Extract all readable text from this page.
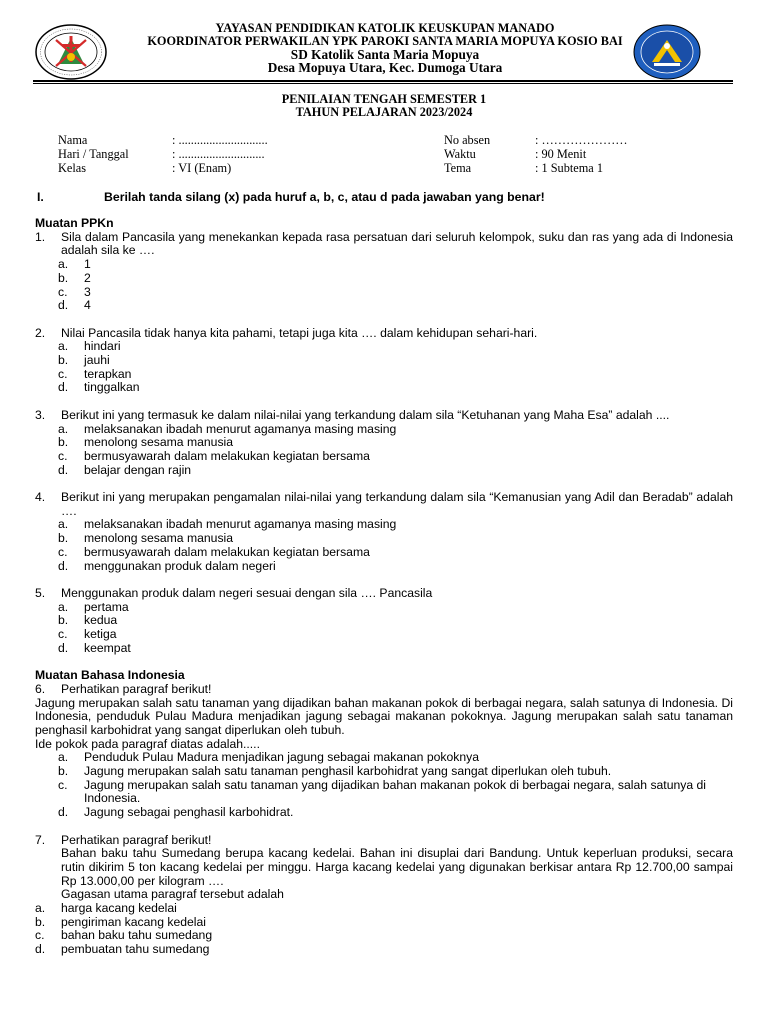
YAYASAN PENDIDIKAN KATOLIK KEUSKUPAN MANADO
KOORDINATOR PERWAKILAN YPK PAROKI SANTA MARIA MOPUYA KOSIO BAI
SD Katolik Santa Maria Mopuya
Desa Mopuya Utara, Kec. Dumoga Utara
PENILAIAN TENGAH SEMESTER 1
TAHUN PELAJARAN 2023/2024
Nama	: .............................
Hari / Tanggal	: ............................
Kelas	: VI (Enam)
No absen	: …………………
Waktu	: 90 Menit
Tema	: 1 Subtema 1
I.	Berilah tanda silang (x) pada huruf a, b, c, atau d pada jawaban yang benar!
Muatan PPKn
1. Sila dalam Pancasila yang menekankan kepada rasa persatuan dari seluruh kelompok, suku dan ras yang ada di Indonesia adalah sila ke ….
a. 1
b. 2
c. 3
d. 4
2. Nilai Pancasila tidak hanya kita pahami, tetapi juga kita …. dalam kehidupan sehari-hari.
a. hindari
b. jauhi
c. terapkan
d. tinggalkan
3. Berikut ini yang termasuk ke dalam nilai-nilai yang terkandung dalam sila “Ketuhanan yang Maha Esa” adalah ....
a. melaksanakan ibadah menurut agamanya masing masing
b. menolong sesama manusia
c. bermusyawarah dalam melakukan kegiatan bersama
d. belajar dengan rajin
4. Berikut ini yang merupakan pengamalan nilai-nilai yang terkandung dalam sila “Kemanusian yang Adil dan Beradab” adalah ….
a. melaksanakan ibadah menurut agamanya masing masing
b. menolong sesama manusia
c. bermusyawarah dalam melakukan kegiatan bersama
d. menggunakan produk dalam negeri
5. Menggunakan produk dalam negeri sesuai dengan sila …. Pancasila
a. pertama
b. kedua
c. ketiga
d. keempat
Muatan Bahasa Indonesia
6. Perhatikan paragraf berikut!
Jagung merupakan salah satu tanaman yang dijadikan bahan makanan pokok di berbagai negara, salah satunya di Indonesia. Di Indonesia, penduduk Pulau Madura menjadikan jagung sebagai makanan pokoknya. Jagung merupakan salah satu tanaman penghasil karbohidrat yang sangat diperlukan oleh tubuh.
Ide pokok pada paragraf diatas adalah.....
a. Penduduk Pulau Madura menjadikan jagung sebagai makanan pokoknya
b. Jagung merupakan salah satu tanaman penghasil karbohidrat yang sangat diperlukan oleh tubuh.
c. Jagung merupakan salah satu tanaman yang dijadikan bahan makanan pokok di berbagai negara, salah satunya di Indonesia.
d. Jagung sebagai penghasil karbohidrat.
7. Perhatikan paragraf berikut!
Bahan baku tahu Sumedang berupa kacang kedelai. Bahan ini disuplai dari Bandung. Untuk keperluan produksi, secara rutin dikirim 5 ton kacang kedelai per minggu. Harga kacang kedelai yang digunakan berkisar antara Rp 12.700,00 sampai Rp 13.000,00 per kilogram ….
Gagasan utama paragraf tersebut adalah
a. harga kacang kedelai
b. pengiriman kacang kedelai
c. bahan baku tahu sumedang
d. pembuatan tahu sumedang
